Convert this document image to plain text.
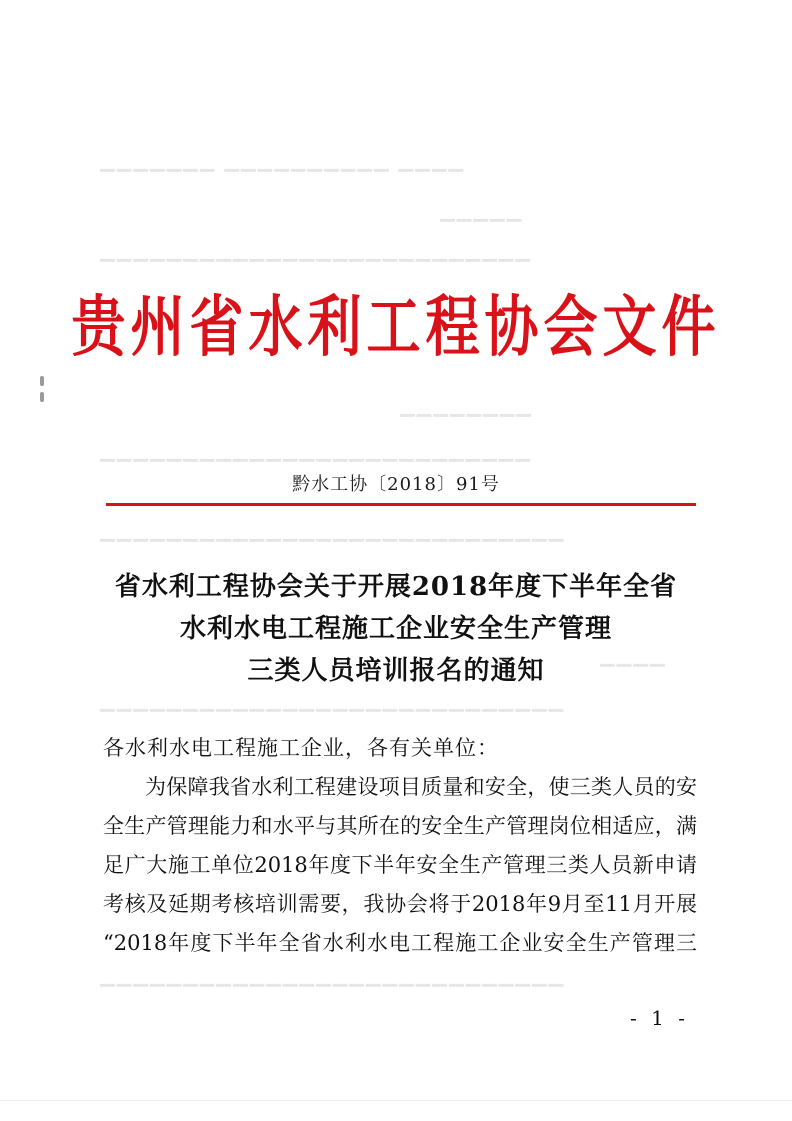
▁▁▁▁▁▁▁ ▁▁▁▁▁▁▁▁▁▁ ▁▁▁▁
▁▁▁▁▁
▁▁▁▁▁▁▁▁▁▁▁▁▁▁▁▁▁▁▁▁▁▁▁▁▁▁
▁▁▁▁▁▁▁▁
▁▁▁▁▁▁▁▁▁▁▁▁▁▁▁▁▁▁▁▁▁▁▁▁▁▁
▁▁▁▁▁▁▁▁▁▁▁▁▁▁▁▁▁▁▁▁▁▁▁▁▁▁▁▁
▁▁▁▁
▁▁▁▁▁▁▁▁▁▁▁▁▁▁▁▁▁▁▁▁▁▁▁▁▁▁▁▁
▁▁▁▁▁▁▁▁▁▁▁▁▁▁▁▁▁▁▁▁▁▁▁▁▁▁▁▁
贵州省水利工程协会文件
黔水工协〔2018〕91号
省水利工程协会关于开展2018年度下半年全省
水利水电工程施工企业安全生产管理
三类人员培训报名的通知
各水利水电工程施工企业，各有关单位：
为保障我省水利工程建设项目质量和安全，使三类人员的安
全生产管理能力和水平与其所在的安全生产管理岗位相适应，满
足广大施工单位2018年度下半年安全生产管理三类人员新申请
考核及延期考核培训需要，我协会将于2018年9月至11月开展
“2018年度下半年全省水利水电工程施工企业安全生产管理三
- 1 -
